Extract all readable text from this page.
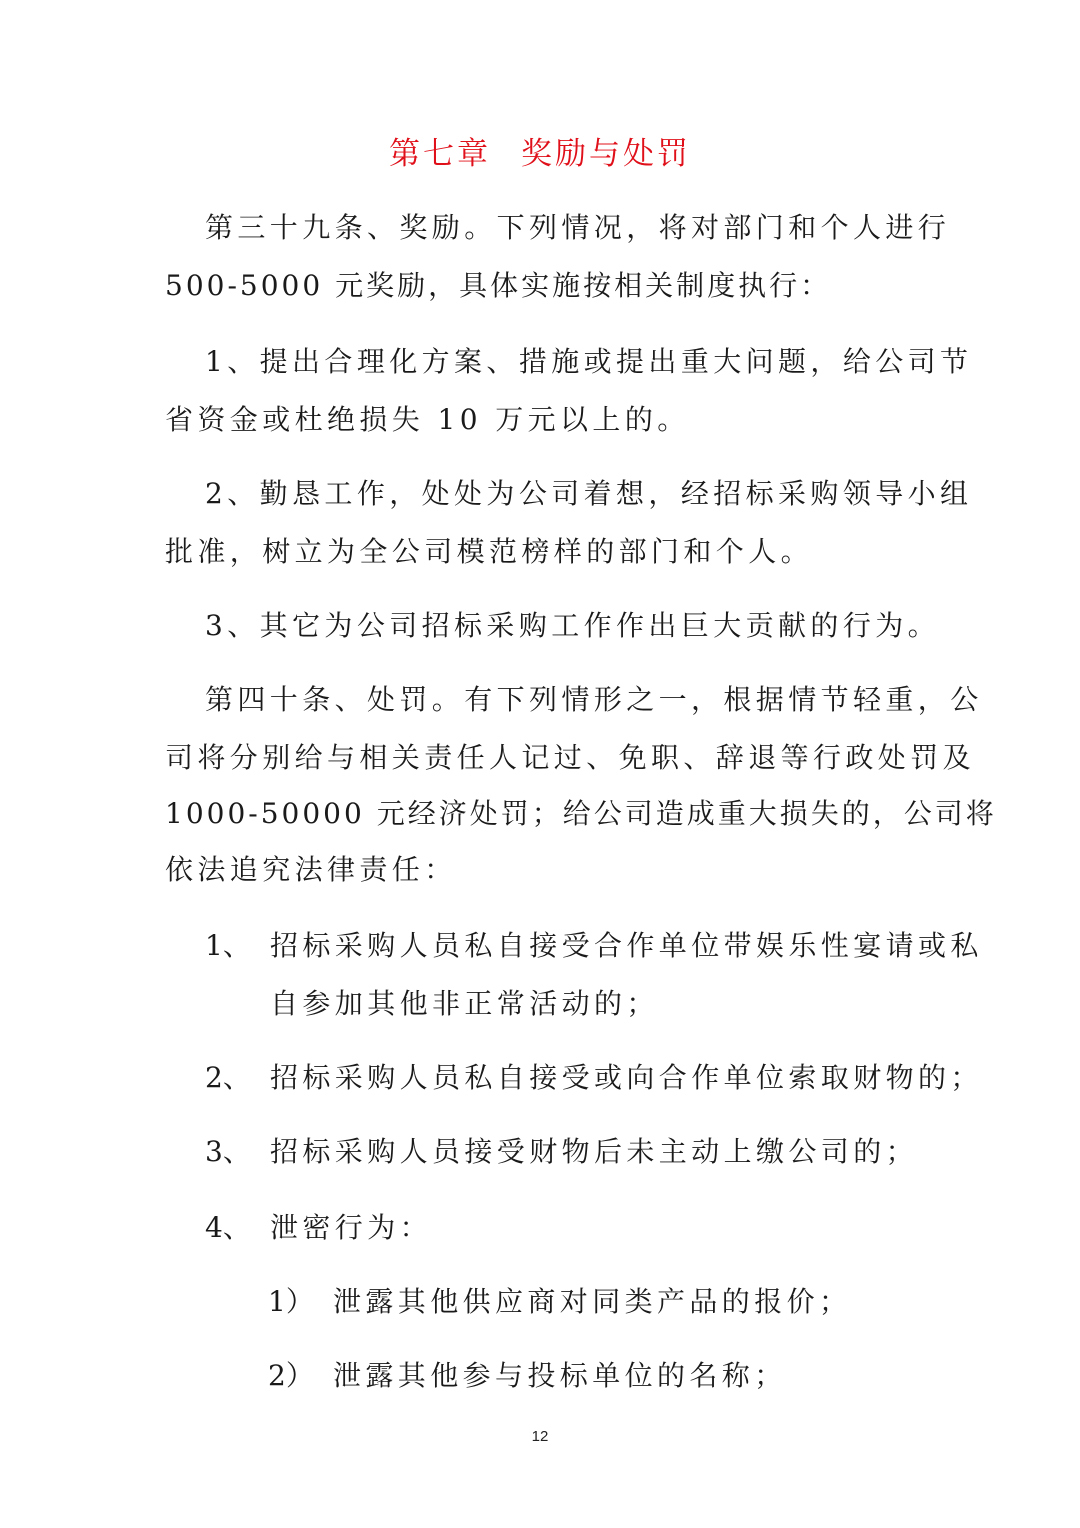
第七章 奖励与处罚
第三十九条、奖励。下列情况，将对部门和个人进行
500-5000 元奖励，具体实施按相关制度执行：
1、提出合理化方案、措施或提出重大问题，给公司节
省资金或杜绝损失 10 万元以上的。
2、勤恳工作，处处为公司着想，经招标采购领导小组
批准，树立为全公司模范榜样的部门和个人。
3、其它为公司招标采购工作作出巨大贡献的行为。
第四十条、处罚。有下列情形之一，根据情节轻重，公
司将分别给与相关责任人记过、免职、辞退等行政处罚及
1000-50000 元经济处罚；给公司造成重大损失的，公司将
依法追究法律责任：
1、 招标采购人员私自接受合作单位带娱乐性宴请或私
自参加其他非正常活动的；
2、 招标采购人员私自接受或向合作单位索取财物的；
3、 招标采购人员接受财物后未主动上缴公司的；
4、 泄密行为：
1） 泄露其他供应商对同类产品的报价；
2） 泄露其他参与投标单位的名称；
12
